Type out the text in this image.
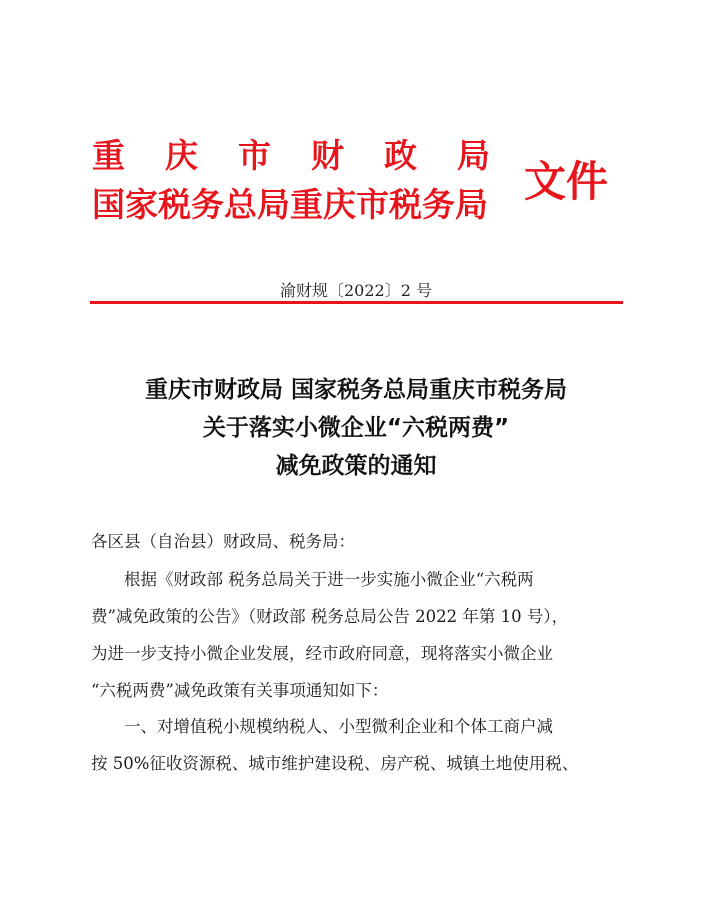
重庆市财政局
国家税务总局重庆市税务局 文件
渝财规〔2022〕2 号
重庆市财政局 国家税务总局重庆市税务局
关于落实小微企业“六税两费”
减免政策的通知
各区县（自治县）财政局、税务局：
根据《财政部 税务总局关于进一步实施小微企业“六税两
费”减免政策的公告》（财政部 税务总局公告 2022 年第 10 号），
为进一步支持小微企业发展，经市政府同意，现将落实小微企业
“六税两费”减免政策有关事项通知如下：
一、对增值税小规模纳税人、小型微利企业和个体工商户减
按 50%征收资源税、城市维护建设税、房产税、城镇土地使用税、
